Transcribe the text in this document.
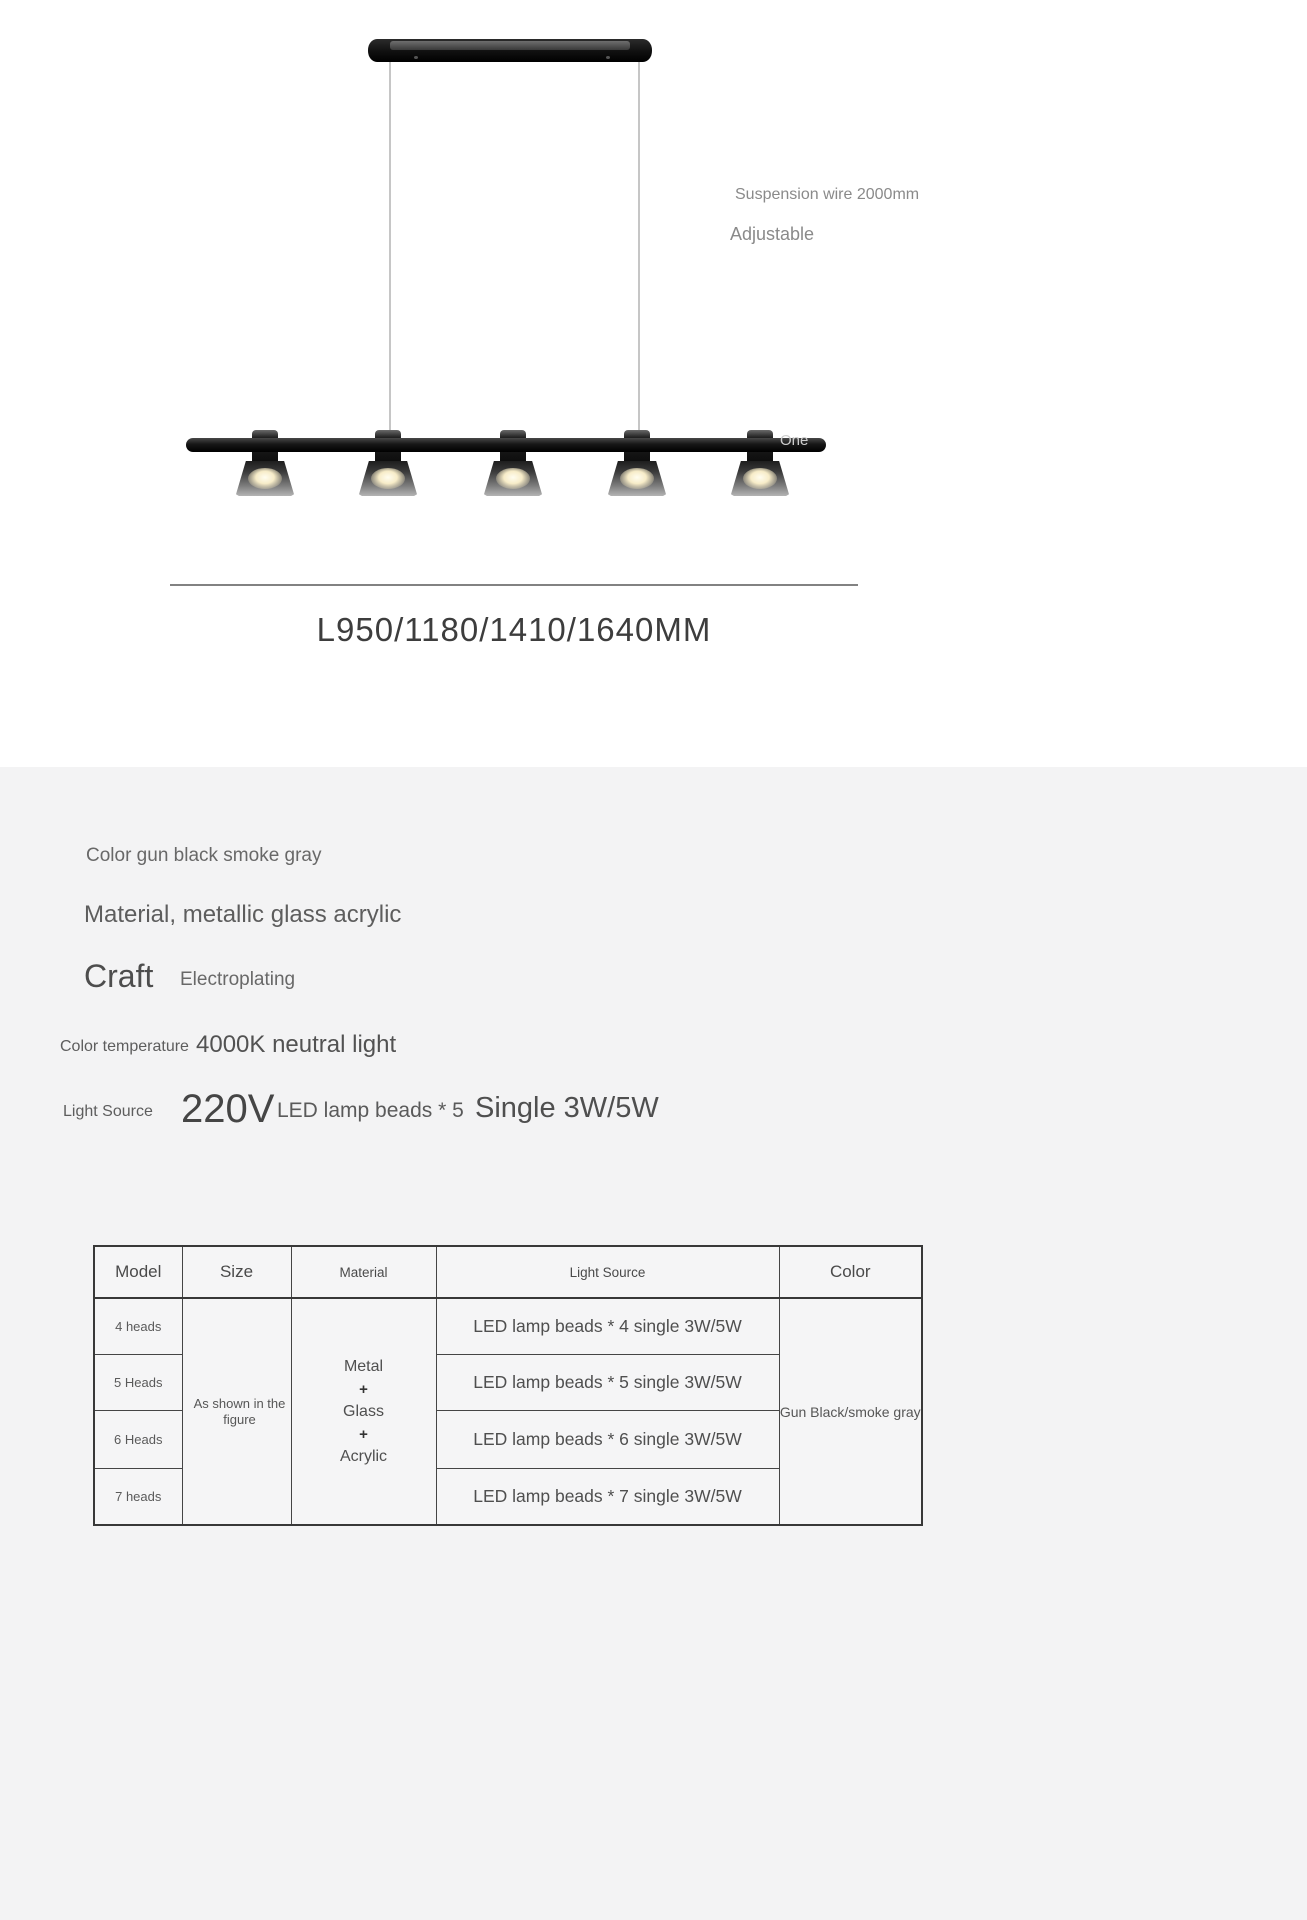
Suspension wire 2000mm
Adjustable
One
L950/1180/1410/1640MM
Color gun black smoke gray
Material, metallic glass acrylic
Craft Electroplating
Color temperature 4000K neutral light
Light Source 220V LED lamp beads * 5 Single 3W/5W
Model	Size	Material	Light Source	Color
4 heads	As shown in the figure	Metal
+
Glass
+
Acrylic	LED lamp beads * 4 single 3W/5W	Gun Black/smoke gray
5 Heads			LED lamp beads * 5 single 3W/5W	
6 Heads			LED lamp beads * 6 single 3W/5W	
7 heads			LED lamp beads * 7 single 3W/5W	
